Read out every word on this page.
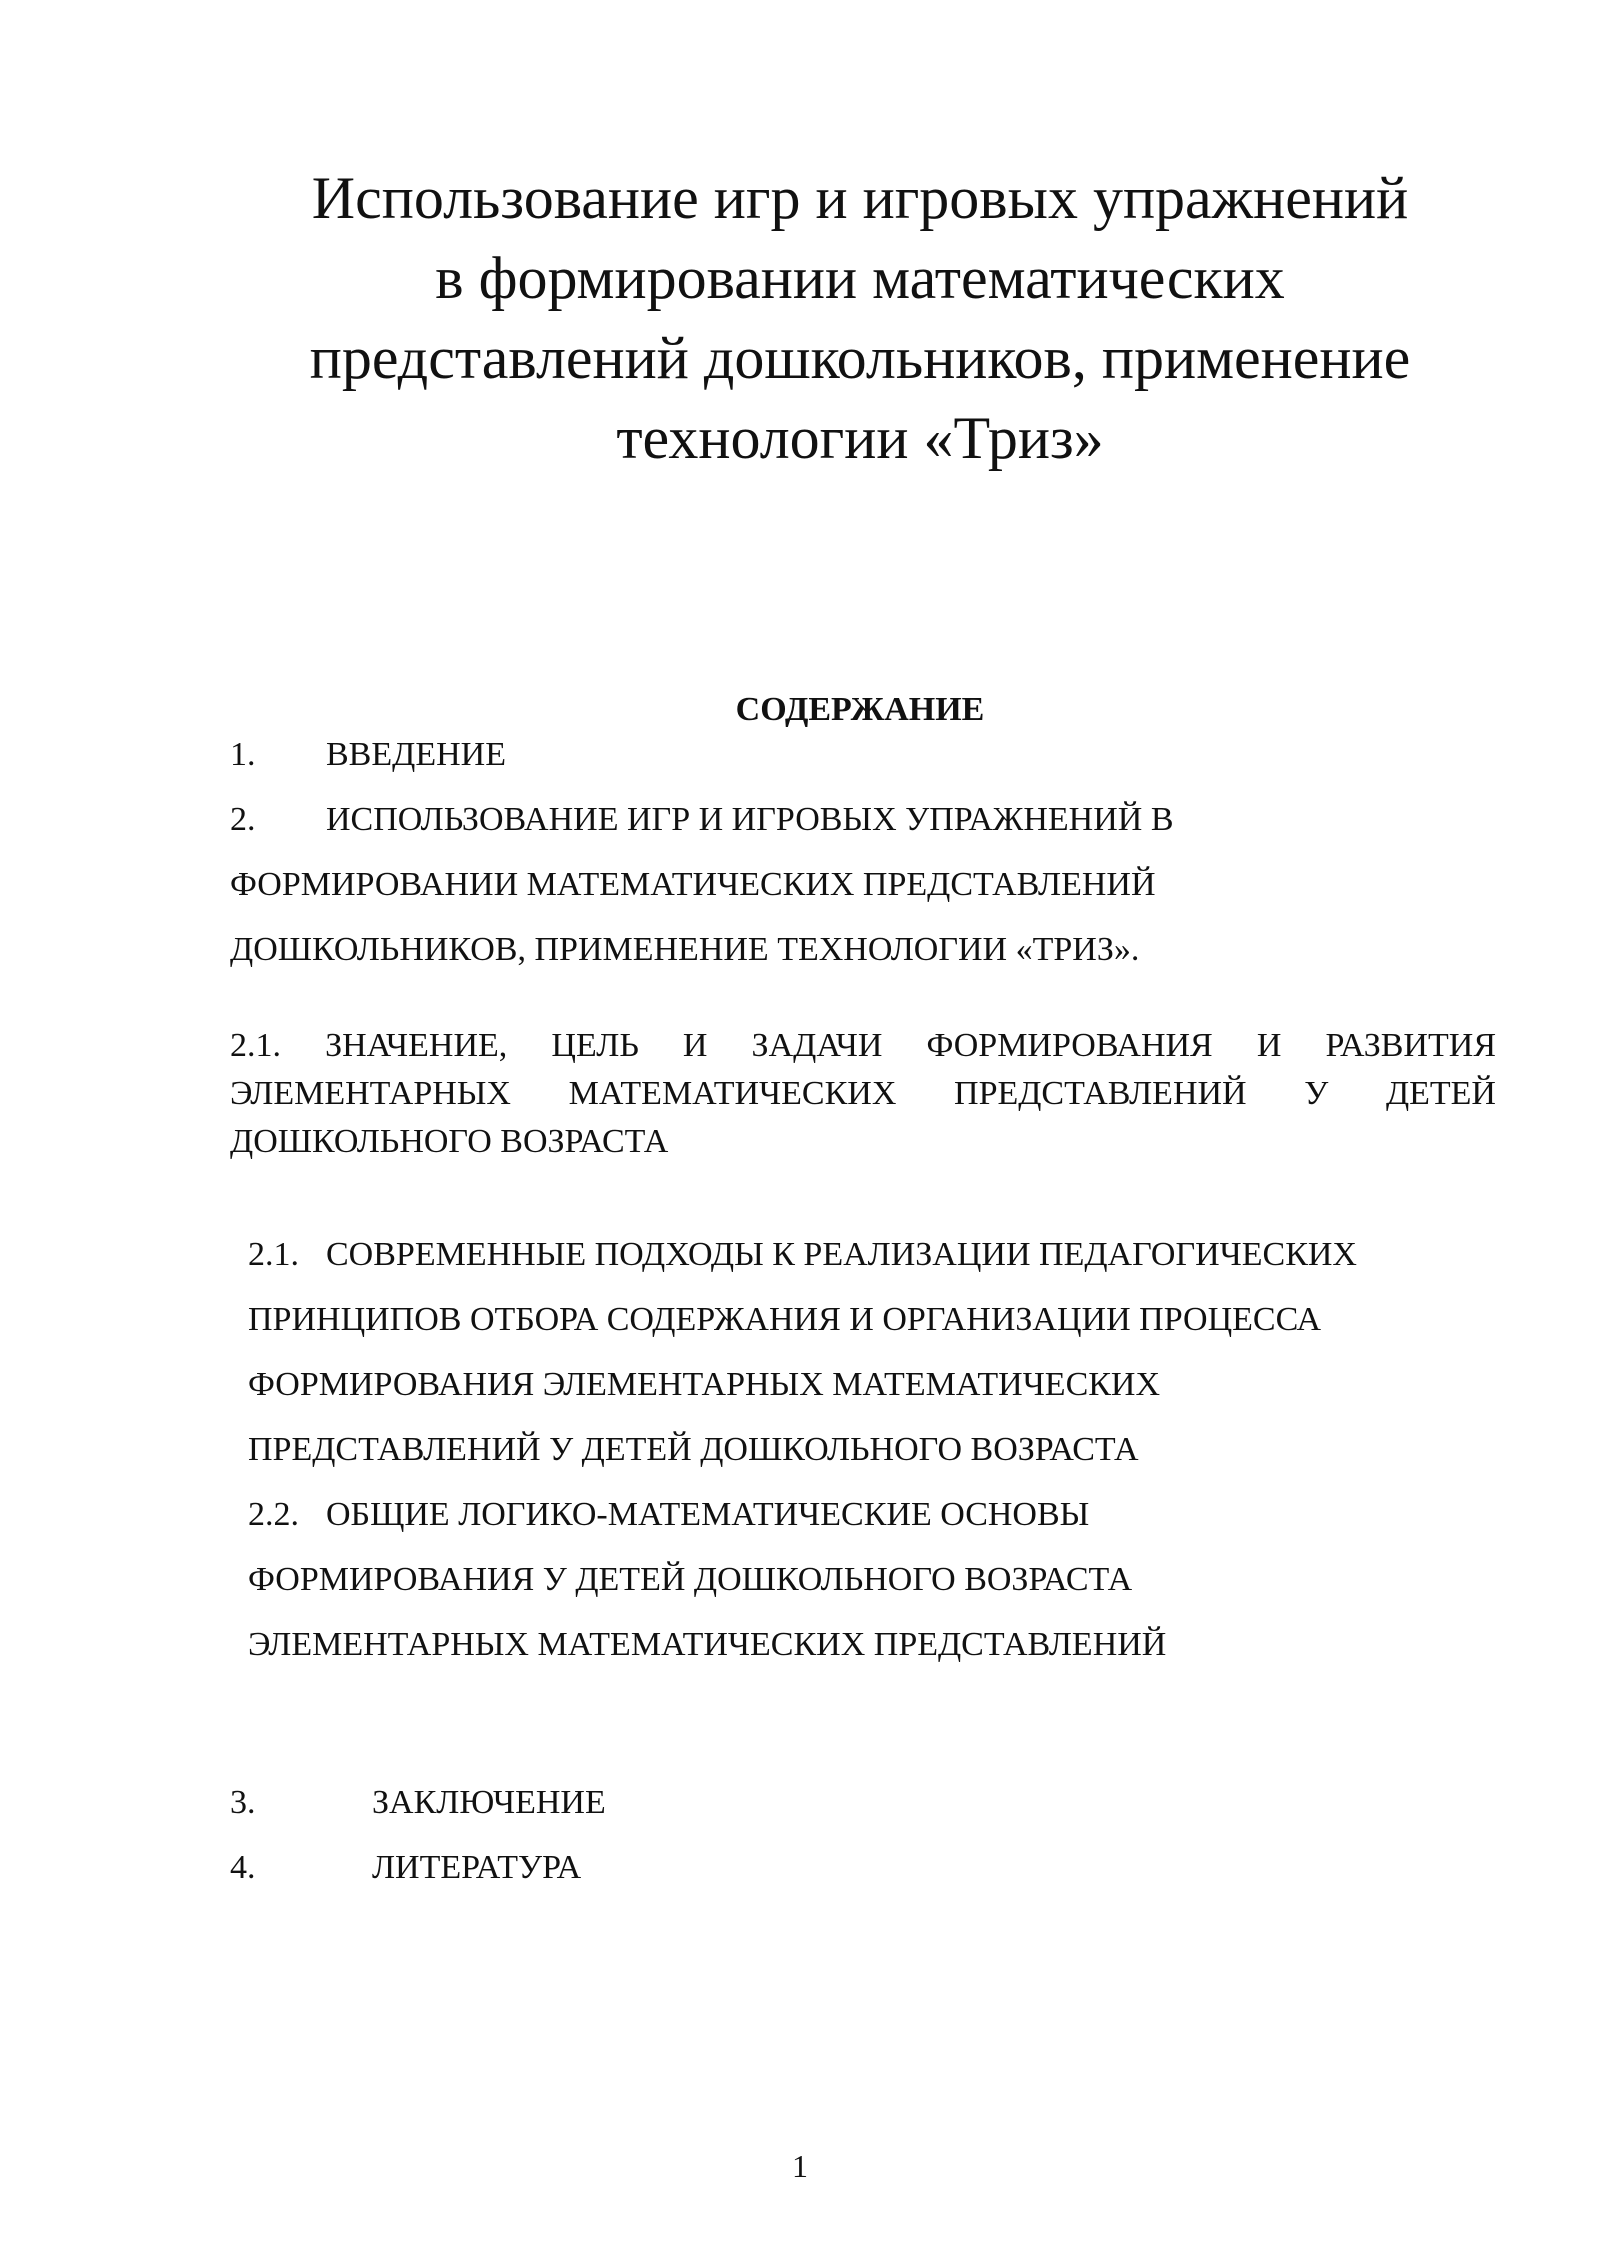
Использование игр и игровых упражнений
в формировании математических
представлений дошкольников, применение
технологии «Триз»
СОДЕРЖАНИЕ
1. ВВЕДЕНИЕ
2. ИСПОЛЬЗОВАНИЕ ИГР И ИГРОВЫХ УПРАЖНЕНИЙ В
ФОРМИРОВАНИИ МАТЕМАТИЧЕСКИХ ПРЕДСТАВЛЕНИЙ
ДОШКОЛЬНИКОВ, ПРИМЕНЕНИЕ ТЕХНОЛОГИИ «ТРИЗ».
2.1. ЗНАЧЕНИЕ, ЦЕЛЬ И ЗАДАЧИ ФОРМИРОВАНИЯ И РАЗВИТИЯ
ЭЛЕМЕНТАРНЫХ МАТЕМАТИЧЕСКИХ ПРЕДСТАВЛЕНИЙ У ДЕТЕЙ
ДОШКОЛЬНОГО ВОЗРАСТА
2.1. СОВРЕМЕННЫЕ ПОДХОДЫ К РЕАЛИЗАЦИИ ПЕДАГОГИЧЕСКИХ
ПРИНЦИПОВ ОТБОРА СОДЕРЖАНИЯ И ОРГАНИЗАЦИИ ПРОЦЕССА
ФОРМИРОВАНИЯ ЭЛЕМЕНТАРНЫХ МАТЕМАТИЧЕСКИХ
ПРЕДСТАВЛЕНИЙ У ДЕТЕЙ ДОШКОЛЬНОГО ВОЗРАСТА
2.2. ОБЩИЕ ЛОГИКО-МАТЕМАТИЧЕСКИЕ ОСНОВЫ
ФОРМИРОВАНИЯ У ДЕТЕЙ ДОШКОЛЬНОГО ВОЗРАСТА
ЭЛЕМЕНТАРНЫХ МАТЕМАТИЧЕСКИХ ПРЕДСТАВЛЕНИЙ
3.	ЗАКЛЮЧЕНИЕ
4.	ЛИТЕРАТУРА
1
